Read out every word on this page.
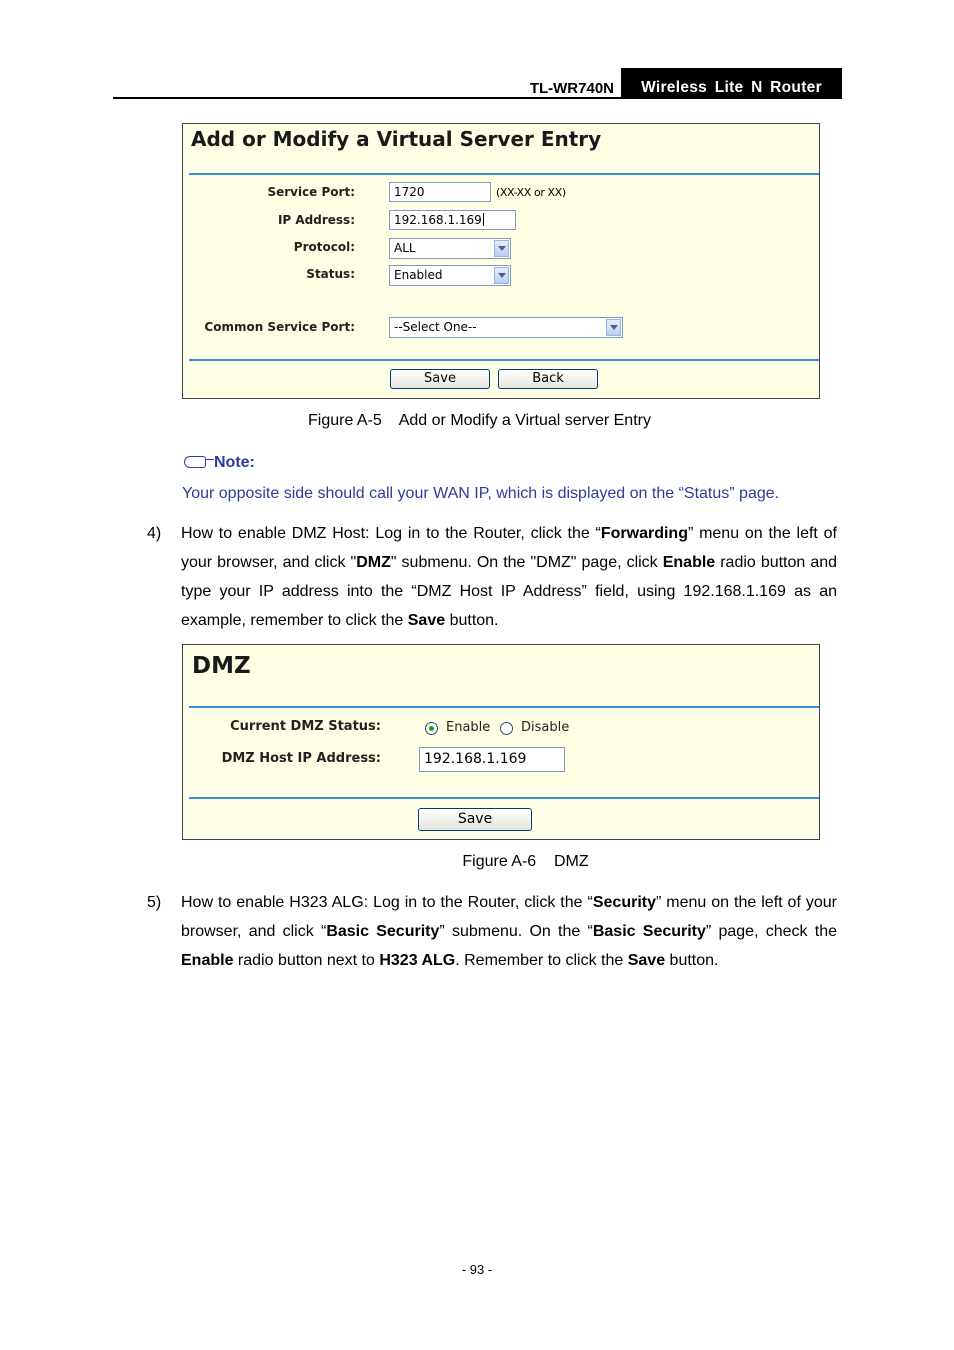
TL-WR740N	Wireless Lite N Router
Add or Modify a Virtual Server Entry
Service Port:	1720	(XX-XX or XX)
IP Address:	192.168.1.169
Protocol:	ALL
Status:	Enabled
Common Service Port:	--Select One--
Save	Back
Figure A-5    Add or Modify a Virtual server Entry
Note:
Your opposite side should call your WAN IP, which is displayed on the “Status” page.
4) How to enable DMZ Host: Log in to the Router, click the “Forwarding” menu on the left of your browser, and click "DMZ" submenu. On the "DMZ" page, click Enable radio button and type your IP address into the “DMZ Host IP Address” field, using 192.168.1.169 as an example, remember to click the Save button.
DMZ
Current DMZ Status:	Enable Disable
DMZ Host IP Address:	192.168.1.169
Save
Figure A-6    DMZ
5) How to enable H323 ALG: Log in to the Router, click the “Security” menu on the left of your browser, and click “Basic Security” submenu. On the “Basic Security” page, check the Enable radio button next to H323 ALG. Remember to click the Save button.
- 93 -
